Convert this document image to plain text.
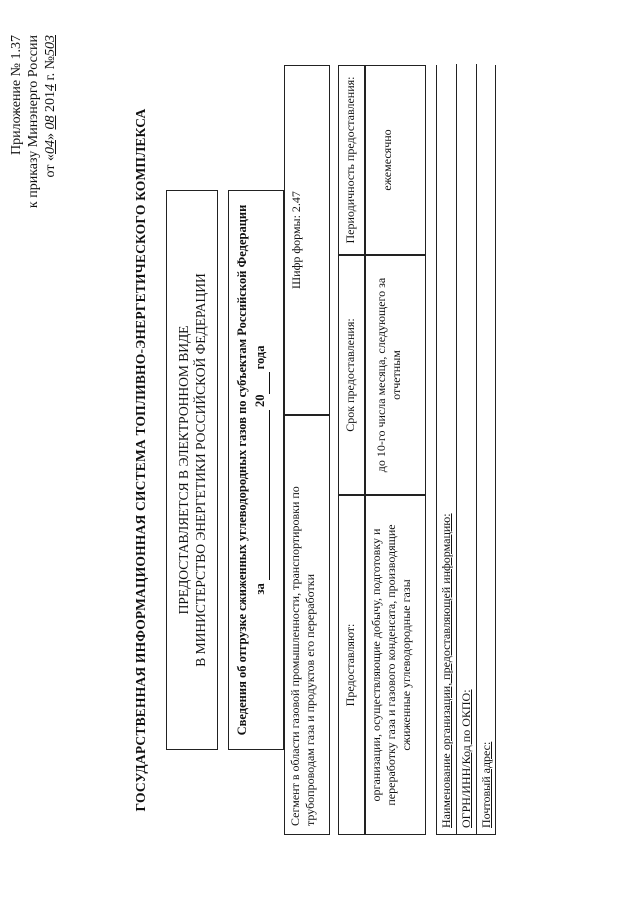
Приложение № 1.37 к приказу Минэнерго России от «04» 08 2014 г. №503
ГОСУДАРСТВЕННАЯ ИНФОРМАЦИОННАЯ СИСТЕМА ТОПЛИВНО-ЭНЕРГЕТИЧЕСКОГО КОМПЛЕКСА ПРЕДОСТАВЛЯЕТСЯ В ЭЛЕКТРОННОМ ВИДЕ В МИНИСТЕРСТВО ЭНЕРГЕТИКИ РОССИЙСКОЙ ФЕДЕРАЦИИ Сведения об отгрузке сжиженных углеводородных газов по субъектам Российской Федерации за   20  года
Сегмент в области газовой промышленности, транспортировки по трубопроводам газа и продуктов его переработки
Шифр формы: 2.47
Предоставляют:
Срок предоставления:
Периодичность предоставления:
организации, осуществляющие добычу, подготовку и переработку газа и газового конденсата, производящие сжиженные углеводородные газы
до 10-го числа месяца, следующего за отчетным
ежемесячно
Наименование организации, предоставляющей информацию: ОГРН/ИНН/Код по ОКПО: Почтовый адрес:
